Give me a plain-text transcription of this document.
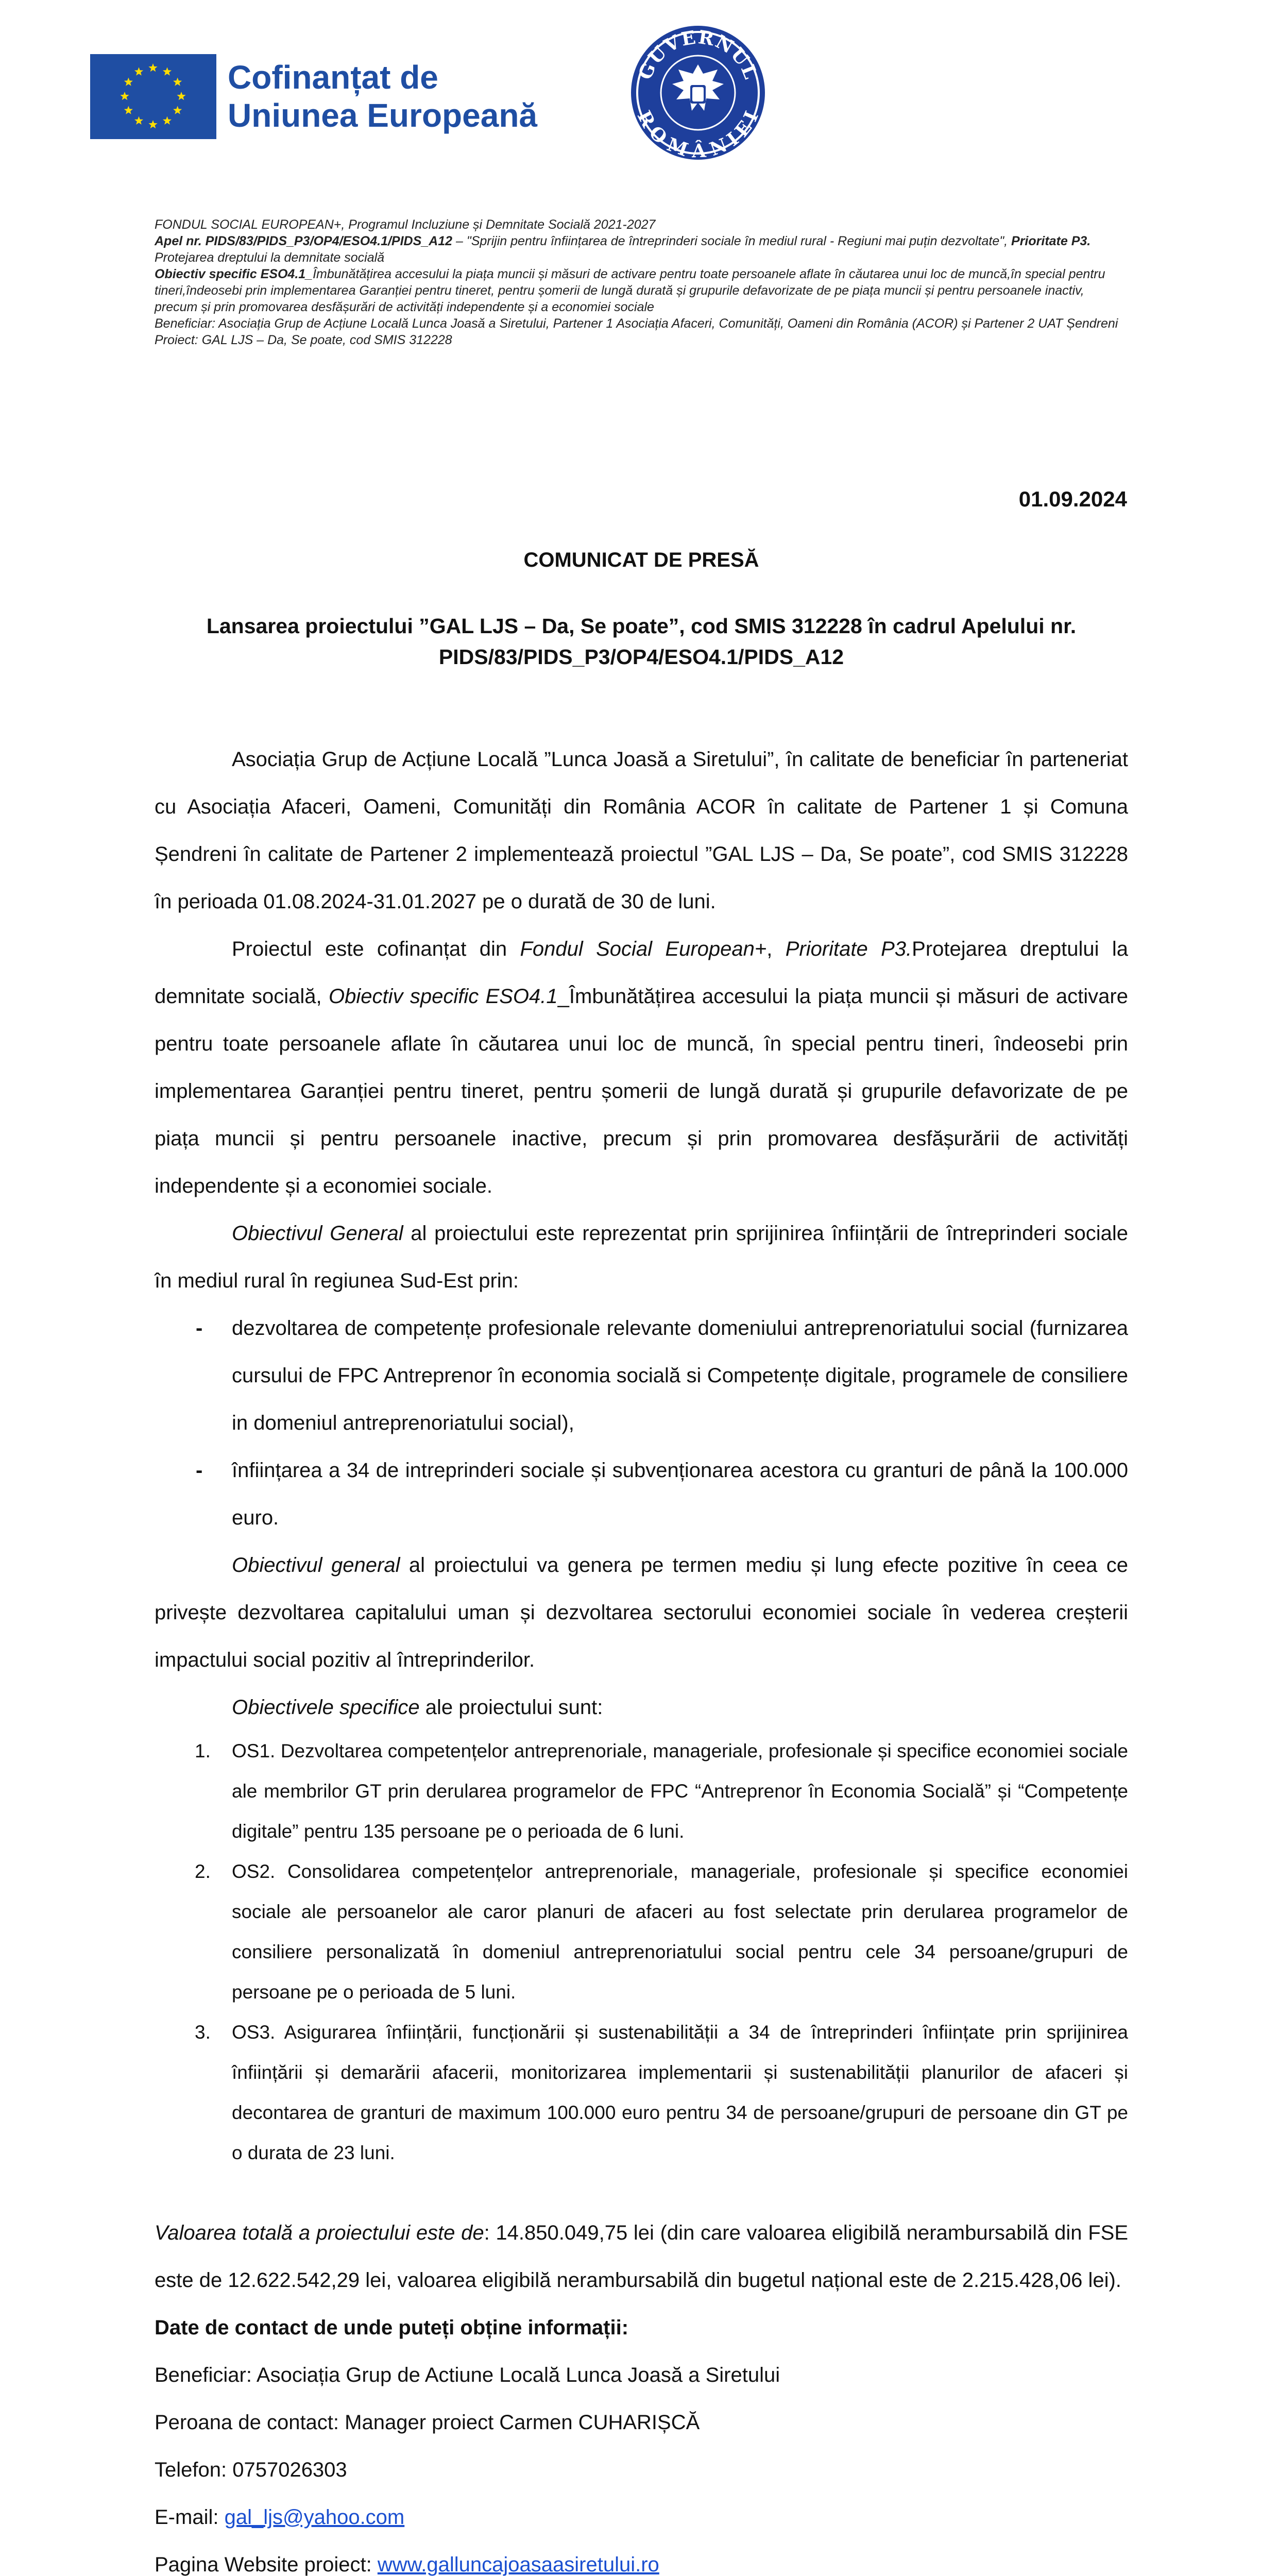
Cofinanțat de
Uniunea Europeană
GUVERNUL
ROMÂNIEI

FONDUL SOCIAL EUROPEAN+, Programul Incluziune și Demnitate Socială 2021-2027

Apel nr. PIDS/83/PIDS_P3/OP4/ESO4.1/PIDS_A12 – "Sprijin pentru înființarea de întreprinderi sociale în mediul rural - Regiuni mai puțin dezvoltate", Prioritate P3. Protejarea dreptului la demnitate socială

Obiectiv specific ESO4.1_Îmbunătățirea accesului la piața muncii și măsuri de activare pentru toate persoanele aflate în căutarea unui loc de muncă,în special pentru tineri,îndeosebi prin implementarea Garanției pentru tineret, pentru șomerii de lungă durată și grupurile defavorizate de pe piața muncii și pentru persoanele inactiv, precum și prin promovarea desfășurări de activități independente și a economiei sociale

Beneficiar: Asociația Grup de Acțiune Locală Lunca Joasă a Siretului, Partener 1 Asociația Afaceri, Comunități, Oameni din România (ACOR) și Partener 2 UAT Șendreni

Proiect: GAL LJS – Da, Se poate, cod SMIS 312228

01.09.2024
COMUNICAT DE PRESĂ
Lansarea proiectului ”GAL LJS – Da, Se poate”, cod SMIS 312228 în cadrul Apelului nr.
PIDS/83/PIDS_P3/OP4/ESO4.1/PIDS_A12

Asociația Grup de Acțiune Locală ”Lunca Joasă a Siretului”, în calitate de beneficiar în parteneriat cu Asociația Afaceri, Oameni, Comunități din România ACOR în calitate de Partener 1 și Comuna Șendreni în calitate de Partener 2 implementează proiectul ”GAL LJS – Da, Se poate”, cod SMIS 312228 în perioada 01.08.2024-31.01.2027 pe o durată de 30 de luni.

Proiectul este cofinanțat din Fondul Social European+, Prioritate P3.Protejarea dreptului la demnitate socială, Obiectiv specific ESO4.1_Îmbunătățirea accesului la piața muncii și măsuri de activare pentru toate persoanele aflate în căutarea unui loc de muncă, în special pentru tineri, îndeosebi prin implementarea Garanției pentru tineret, pentru șomerii de lungă durată și grupurile defavorizate de pe piața muncii și pentru persoanele inactive, precum și prin promovarea desfășurării de activități independente și a economiei sociale.

Obiectivul General al proiectului este reprezentat prin sprijinirea înființării de întreprinderi sociale în mediul rural în regiunea Sud-Est prin:

- dezvoltarea de competențe profesionale relevante domeniului antreprenoriatului social (furnizarea cursului de FPC Antreprenor în economia socială si Competențe digitale, programele de consiliere in domeniul antreprenoriatului social),
- înființarea a 34 de intreprinderi sociale și subvenționarea acestora cu granturi de până la 100.000 euro.

Obiectivul general al proiectului va genera pe termen mediu și lung efecte pozitive în ceea ce privește dezvoltarea capitalului uman și dezvoltarea sectorului economiei sociale în vederea creșterii impactului social pozitiv al întreprinderilor.

Obiectivele specifice ale proiectului sunt:

1. OS1. Dezvoltarea competențelor antreprenoriale, manageriale, profesionale și specifice economiei sociale ale membrilor GT prin derularea programelor de FPC “Antreprenor în Economia Socială” și “Competențe digitale” pentru 135 persoane pe o perioada de 6 luni.
2. OS2. Consolidarea competențelor antreprenoriale, manageriale, profesionale și specifice economiei sociale ale persoanelor ale caror planuri de afaceri au fost selectate prin derularea programelor de consiliere personalizată în domeniul antreprenoriatului social pentru cele 34 persoane/grupuri de persoane pe o perioada de 5 luni.
3. OS3. Asigurarea înființării, funcționării și sustenabilității a 34 de întreprinderi înființate prin sprijinirea înființării și demarării afacerii, monitorizarea implementarii și sustenabilității planurilor de afaceri și decontarea de granturi de maximum 100.000 euro pentru 34 de persoane/grupuri de persoane din GT pe o durata de 23 luni.

Valoarea totală a proiectului este de: 14.850.049,75 lei (din care valoarea eligibilă nerambursabilă din FSE este de 12.622.542,29 lei, valoarea eligibilă nerambursabilă din bugetul național este de 2.215.428,06 lei).

Date de contact de unde puteți obține informații:

Beneficiar: Asociația Grup de Actiune Locală Lunca Joasă a Siretului

Peroana de contact: Manager proiect Carmen CUHARIȘCĂ

Telefon: 0757026303

E-mail: gal_ljs@yahoo.com

Pagina Website proiect: www.galluncajoasaasiretului.ro
